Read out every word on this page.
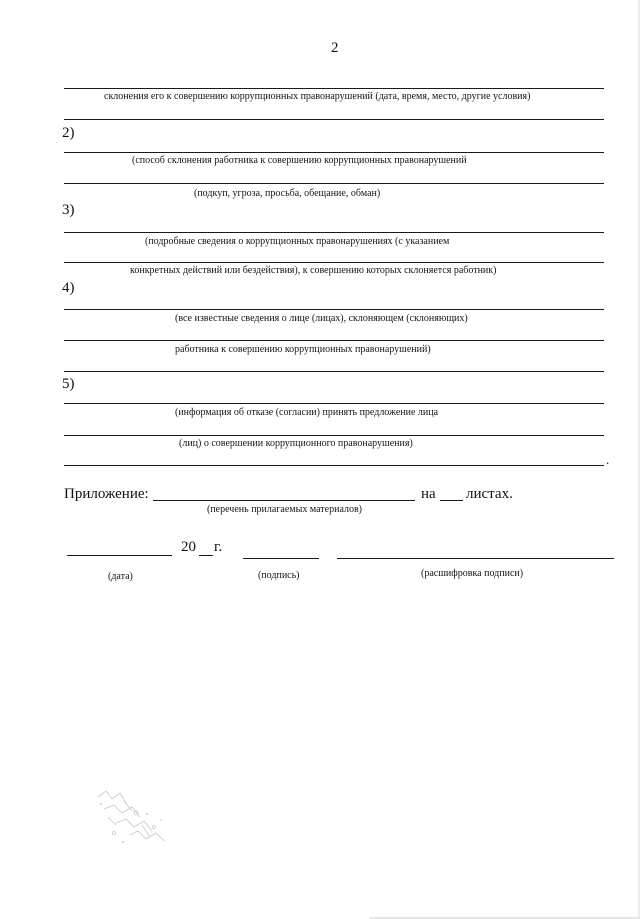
2
склонения его к совершению коррупционных правонарушений (дата, время, место, другие условия)
2)
(способ склонения работника к совершению коррупционных правонарушений
(подкуп, угроза, просьба, обещание, обман)
3)
(подробные сведения о коррупционных правонарушениях (с указанием
конкретных действий или бездействия), к совершению которых склоняется работник)
4)
(все известные сведения о лице (лицах), склоняющем (склоняющих)
работника к совершению коррупционных правонарушений)
5)
(информация об отказе (согласии) принять предложение лица
(лиц) о совершении коррупционного правонарушения)
.
Приложение:	на листах.
(перечень прилагаемых материалов)
20 г.
(дата)	(подпись)	(расшифровка подписи)
